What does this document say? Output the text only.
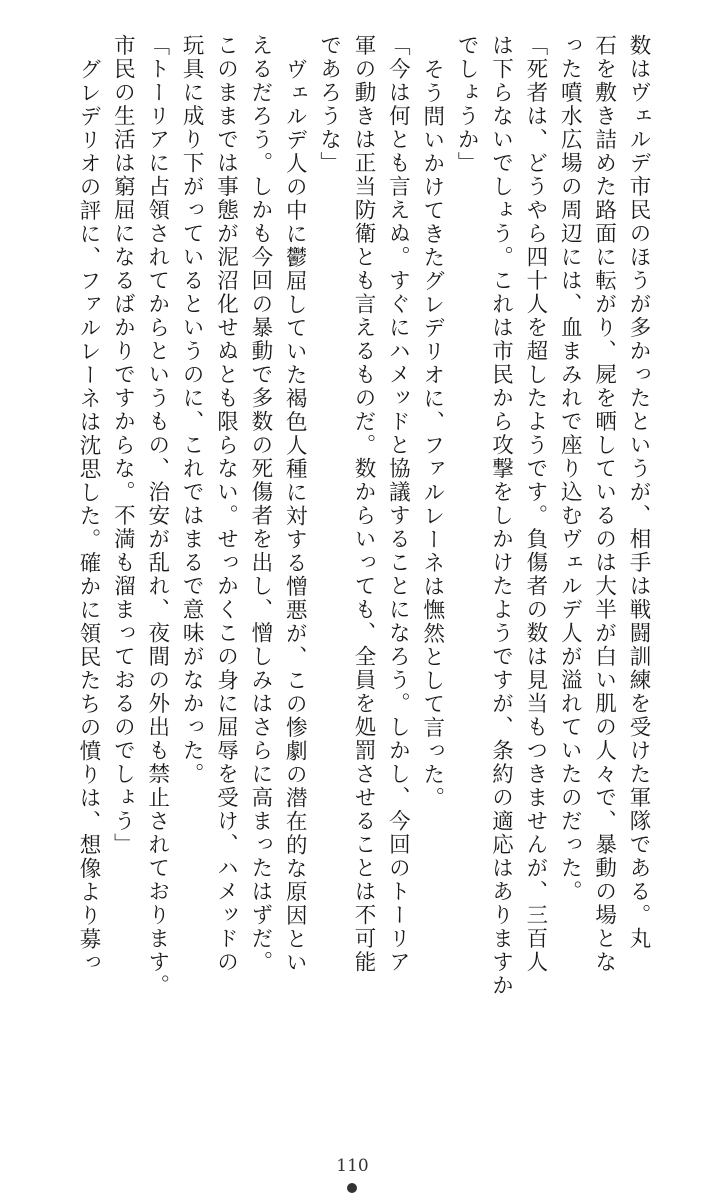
数はヴェルデ市民のほうが多かったというが、相手は戦闘訓練を受けた軍隊である。丸
石を敷き詰めた路面に転がり、屍を晒しているのは大半が白い肌の人々で、暴動の場とな
った噴水広場の周辺には、血まみれで座り込むヴェルデ人が溢れていたのだった。
「死者は、どうやら四十人を超したようです。負傷者の数は見当もつきませんが、三百人
は下らないでしょう。これは市民から攻撃をしかけたようですが、条約の適応はありますか
でしょうか」
そう問いかけてきたグレデリオに、ファルレーネは憮然として言った。
「今は何とも言えぬ。すぐにハメッドと協議することになろう。しかし、今回のトーリア
軍の動きは正当防衛とも言えるものだ。数からいっても、全員を処罰させることは不可能
であろうな」
ヴェルデ人の中に鬱屈していた褐色人種に対する憎悪が、この惨劇の潜在的な原因とい
えるだろう。しかも今回の暴動で多数の死傷者を出し、憎しみはさらに高まったはずだ。
このままでは事態が泥沼化せぬとも限らない。せっかくこの身に屈辱を受け、ハメッドの
玩具に成り下がっているというのに、これではまるで意味がなかった。
「トーリアに占領されてからというもの、治安が乱れ、夜間の外出も禁止されております。
市民の生活は窮屈になるばかりですからな。不満も溜まっておるのでしょう」
グレデリオの評に、ファルレーネは沈思した。確かに領民たちの憤りは、想像より募っ
110
